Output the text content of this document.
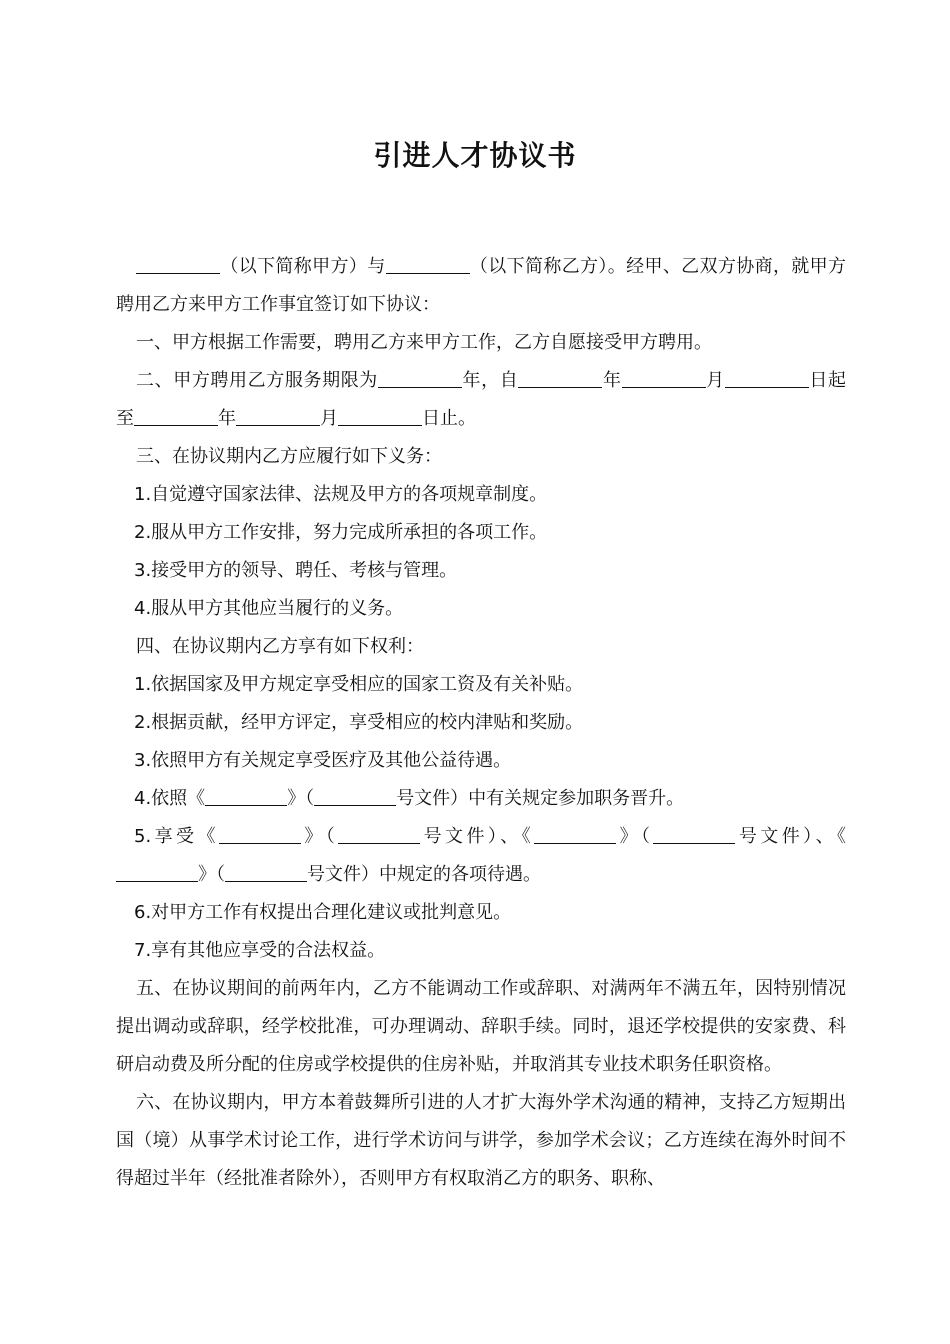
引进人才协议书

（以下简称甲方）与	（以下简称乙方）。经甲、乙双方协商，就甲方聘用乙方来甲方工作事宜签订如下协议：

一、甲方根据工作需要，聘用乙方来甲方工作，乙方自愿接受甲方聘用。

二、甲方聘用乙方服务期限为	年，自	年	月	日起至	年	月	日止。

三、在协议期内乙方应履行如下义务：

1.自觉遵守国家法律、法规及甲方的各项规章制度。

2.服从甲方工作安排，努力完成所承担的各项工作。

3.接受甲方的领导、聘任、考核与管理。

4.服从甲方其他应当履行的义务。

四、在协议期内乙方享有如下权利：

1.依据国家及甲方规定享受相应的国家工资及有关补贴。

2.根据贡献，经甲方评定，享受相应的校内津贴和奖励。

3.依照甲方有关规定享受医疗及其他公益待遇。

4.依照《	》（	号文件）中有关规定参加职务晋升。

5.享受《	》（	号文件）、《	》（	号文件）、《》（	号文件）中规定的各项待遇。

6.对甲方工作有权提出合理化建议或批判意见。

7.享有其他应享受的合法权益。

五、在协议期间的前两年内，乙方不能调动工作或辞职、对满两年不满五年，因特别情况提出调动或辞职，经学校批准，可办理调动、辞职手续。同时，退还学校提供的安家费、科研启动费及所分配的住房或学校提供的住房补贴，并取消其专业技术职务任职资格。

六、在协议期内，甲方本着鼓舞所引进的人才扩大海外学术沟通的精神，支持乙方短期出国（境）从事学术讨论工作，进行学术访问与讲学，参加学术会议；乙方连续在海外时间不得超过半年（经批准者除外），否则甲方有权取消乙方的职务、职称、
